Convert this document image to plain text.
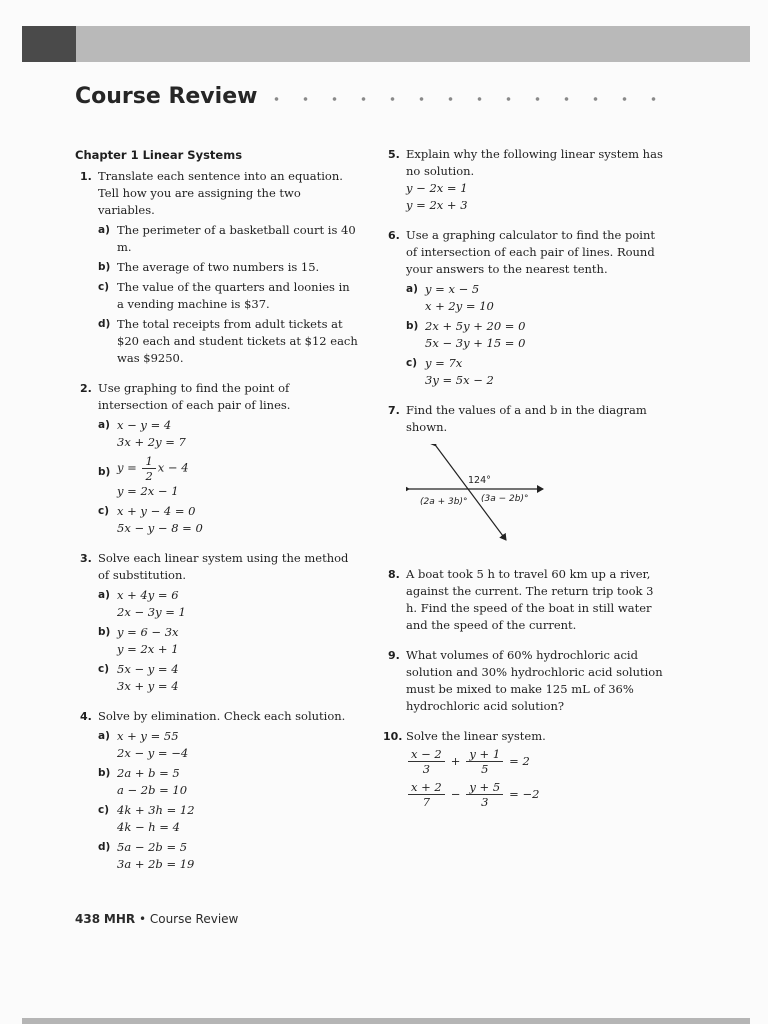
Course Review
Chapter 1 Linear Systems
1. Translate each sentence into an equation. Tell how you are assigning the two variables.
a) The perimeter of a basketball court is 40 m.
b) The average of two numbers is 15.
c) The value of the quarters and loonies in a vending machine is $37.
d) The total receipts from adult tickets at $20 each and student tickets at $12 each was $9250.
2. Use graphing to find the point of intersection of each pair of lines.
a) x − y = 4
3x + 2y = 7
b) $y = \frac{1}{2}$ x − 4
y = 2x − 1
c) x + y − 4 = 0
5x − y − 8 = 0
3. Solve each linear system using the method of substitution.
a) x + 4y = 6
2x − 3y = 1
b) y = 6 − 3x
y = 2x + 1
c) 5x − y = 4
3x + y = 4
4. Solve by elimination. Check each solution.
a) x + y = 55
2x − y = −4
b) 2a + b = 5
a − 2b = 10
c) 4k + 3h = 12
4k − h = 4
d) 5a − 2b = 5
3a + 2b = 19
5. Explain why the following linear system has no solution.
y − 2x = 1
y = 2x + 3
6. Use a graphing calculator to find the point of intersection of each pair of lines. Round your answers to the nearest tenth.
a) y = x − 5
x + 2y = 10
b) 2x + 5y + 20 = 0
5x − 3y + 15 = 0
c) y = 7x
3y = 5x − 2
7. Find the values of a and b in the diagram shown.
124°
(2a + 3b)° (3a − 2b)°
8. A boat took 5 h to travel 60 km up a river, against the current. The return trip took 3 h. Find the speed of the boat in still water and the speed of the current.
9. What volumes of 60% hydrochloric acid solution and 30% hydrochloric acid solution must be mixed to make 125 mL of 36% hydrochloric acid solution?
10. Solve the linear system.
$\frac{x - 2}{3} + \frac{y + 1}{5} = 2$
$\frac{x + 2}{7} - \frac{y + 5}{3} = -2$
438 MHR • Course Review
